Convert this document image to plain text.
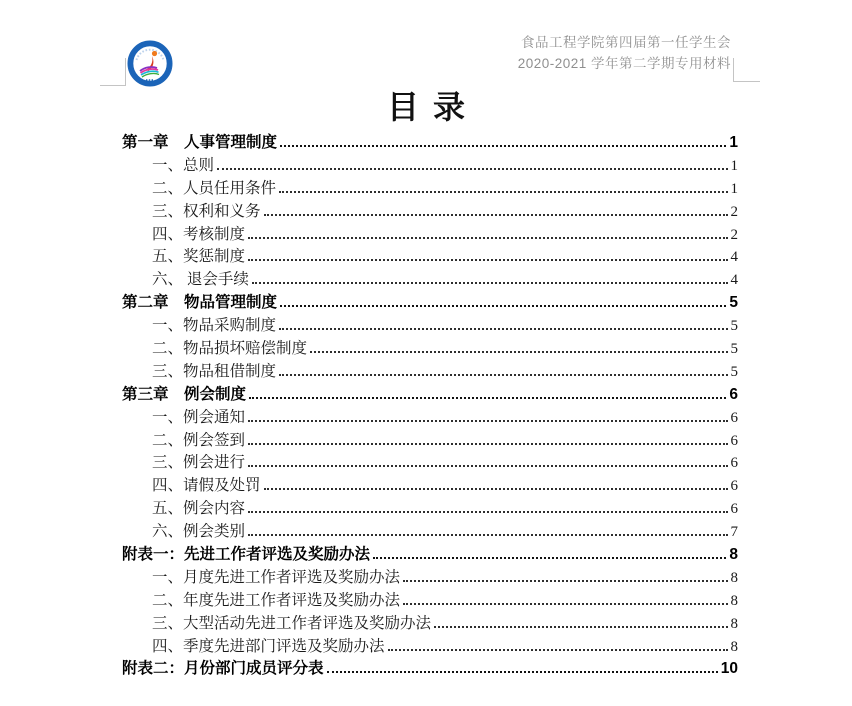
食品工程学院第四届第一任学生会
2020-2021 学年第二学期专用材料
目录
第一章　人事管理制度	1
一、总则	1
二、人员任用条件	1
三、权利和义务	2
四、考核制度	2
五、奖惩制度	4
六、 退会手续	4
第二章　物品管理制度	5
一、物品采购制度	5
二、物品损坏赔偿制度	5
三、物品租借制度	5
第三章　例会制度	6
一、例会通知	6
二、例会签到	6
三、例会进行	6
四、请假及处罚	6
五、例会内容	6
六、例会类别	7
附表一：先进工作者评选及奖励办法	8
一、月度先进工作者评选及奖励办法	8
二、年度先进工作者评选及奖励办法	8
三、大型活动先进工作者评选及奖励办法	8
四、季度先进部门评选及奖励办法	8
附表二：月份部门成员评分表	10
